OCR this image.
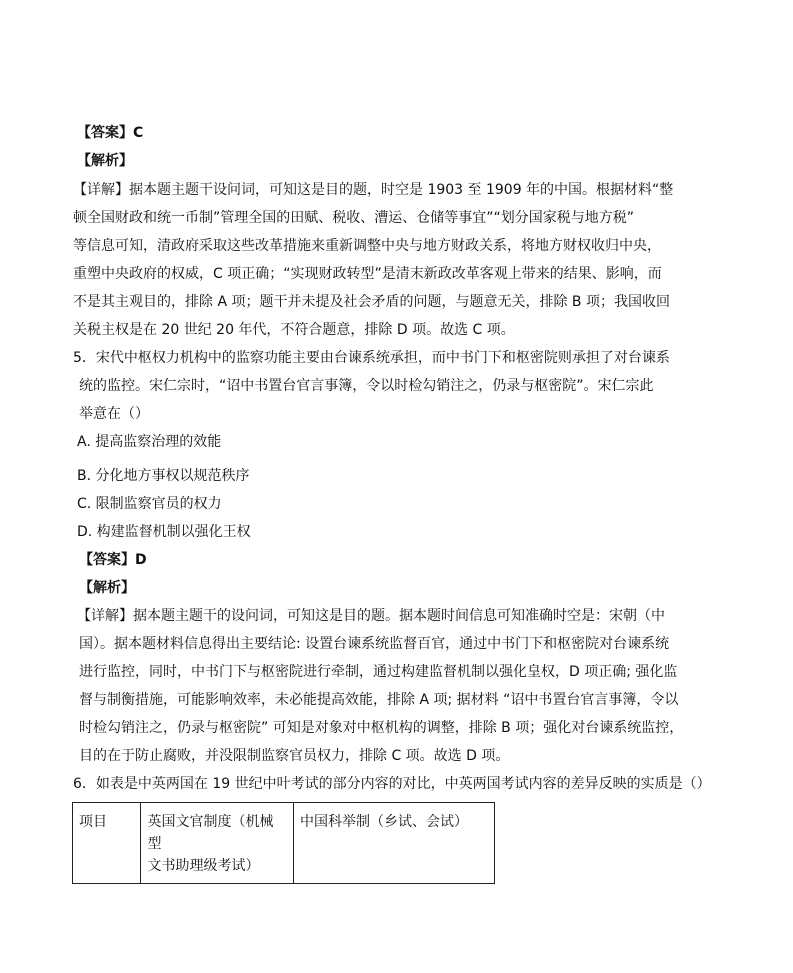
【答案】C
【解析】
【详解】据本题主题干设问词，可知这是目的题，时空是 1903 至 1909 年的中国。根据材料“整
顿全国财政和统一币制”管理全国的田赋、税收、漕运、仓储等事宜”“划分国家税与地方税”
等信息可知，清政府采取这些改革措施来重新调整中央与地方财政关系，将地方财权收归中央，
重塑中央政府的权威，C 项正确；“实现财政转型”是清末新政改革客观上带来的结果、影响，而
不是其主观目的，排除 A 项；题干并未提及社会矛盾的问题，与题意无关，排除 B 项；我国收回
关税主权是在 20 世纪 20 年代，不符合题意，排除 D 项。故选 C 项。
5．宋代中枢权力机构中的监察功能主要由台谏系统承担，而中书门下和枢密院则承担了对台谏系
统的监控。宋仁宗时，“诏中书置台官言事簿，令以时检勾销注之，仍录与枢密院”。宋仁宗此
举意在（）
A. 提高监察治理的效能
B. 分化地方事权以规范秩序
C. 限制监察官员的权力
D. 构建监督机制以强化王权
【答案】D
【解析】
【详解】据本题主题干的设问词，可知这是目的题。据本题时间信息可知准确时空是：宋朝（中
国）。据本题材料信息得出主要结论: 设置台谏系统监督百官，通过中书门下和枢密院对台谏系统
进行监控，同时，中书门下与枢密院进行牵制，通过构建监督机制以强化皇权，D 项正确; 强化监
督与制衡措施，可能影响效率，未必能提高效能，排除 A 项; 据材料 “诏中书置台官言事簿，令以
时检勾销注之，仍录与枢密院” 可知是对象对中枢机构的调整，排除 B 项；强化对台谏系统监控，
目的在于防止腐败，并没限制监察官员权力，排除 C 项。故选 D 项。
6．如表是中英两国在 19 世纪中叶考试的部分内容的对比，中英两国考试内容的差异反映的实质是（）
项目	英国文官制度（机械型
文书助理级考试）	中国科举制（乡试、会试）
